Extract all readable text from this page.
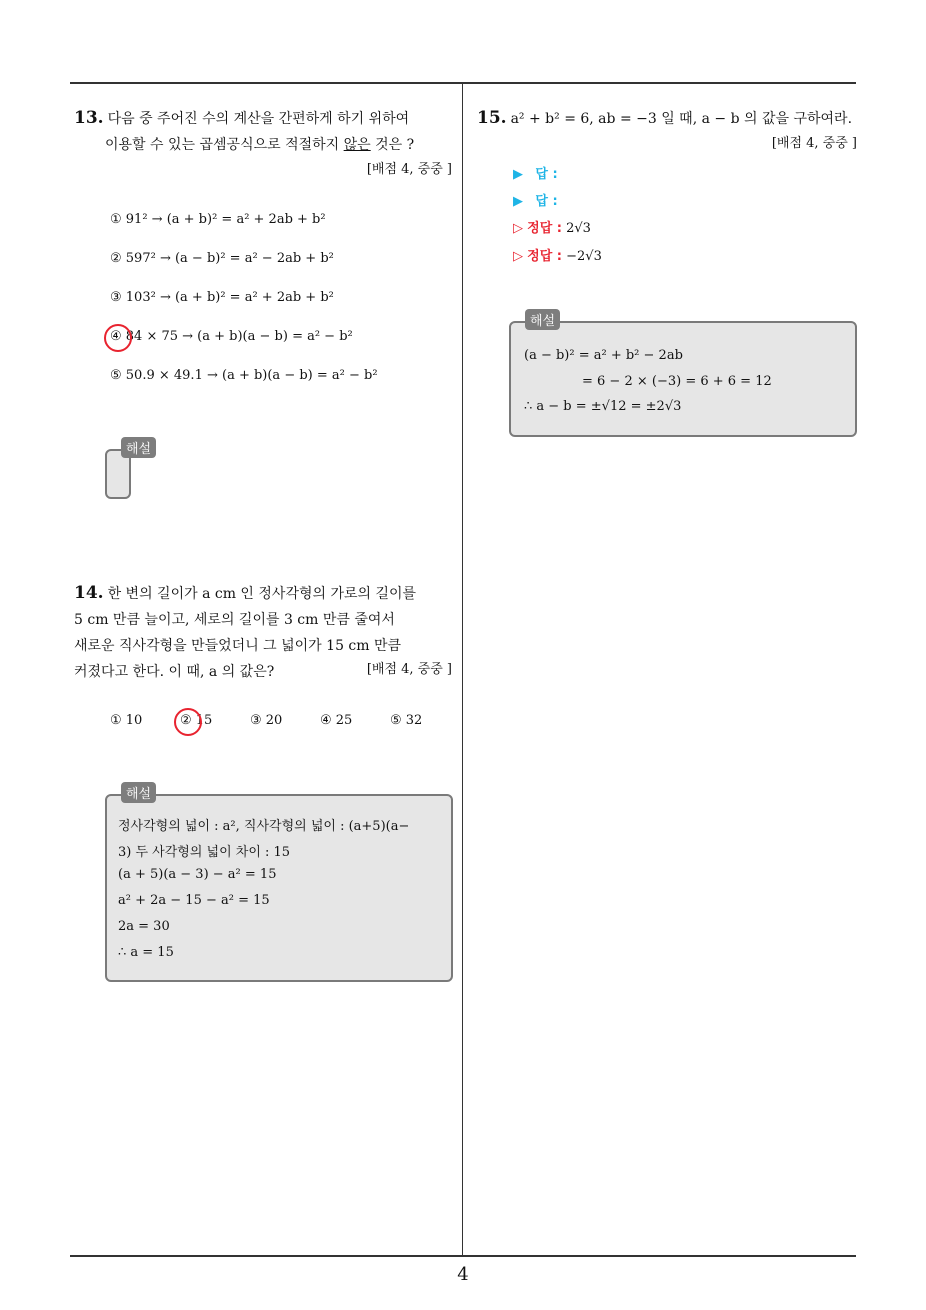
4
13. 다음 중 주어진 수의 계산을 간편하게 하기 위하여
이용할 수 있는 곱셈공식으로 적절하지 않은 것은 ?
[배점 4, 중중 ]
① 91² → (a + b)² = a² + 2ab + b²
② 597² → (a − b)² = a² − 2ab + b²
③ 103² → (a + b)² = a² + 2ab + b²
④ 84 × 75 → (a + b)(a − b) = a² − b²
⑤ 50.9 × 49.1 → (a + b)(a − b) = a² − b²
해설
14. 한 변의 길이가 a cm 인 정사각형의 가로의 길이를
5 cm 만큼 늘이고, 세로의 길이를 3 cm 만큼 줄여서
새로운 직사각형을 만들었더니 그 넓이가 15 cm 만큼
커졌다고 한다. 이 때, a 의 값은?	[배점 4, 중중 ]
① 10	② 15	③ 20	④ 25	⑤ 32
해설
정사각형의 넓이 : a², 직사각형의 넓이 : (a+5)(a−
3) 두 사각형의 넓이 차이 : 15
(a + 5)(a − 3) − a² = 15
a² + 2a − 15 − a² = 15
2a = 30
∴ a = 15
15. a² + b² = 6, ab = −3 일 때, a − b 의 값을 구하여라.
[배점 4, 중중 ]
▶ 답 :
▶ 답 :
▷ 정답 : 2√3
▷ 정답 : −2√3
해설
(a − b)² = a² + b² − 2ab
= 6 − 2 × (−3) = 6 + 6 = 12
∴ a − b = ±√12 = ±2√3
